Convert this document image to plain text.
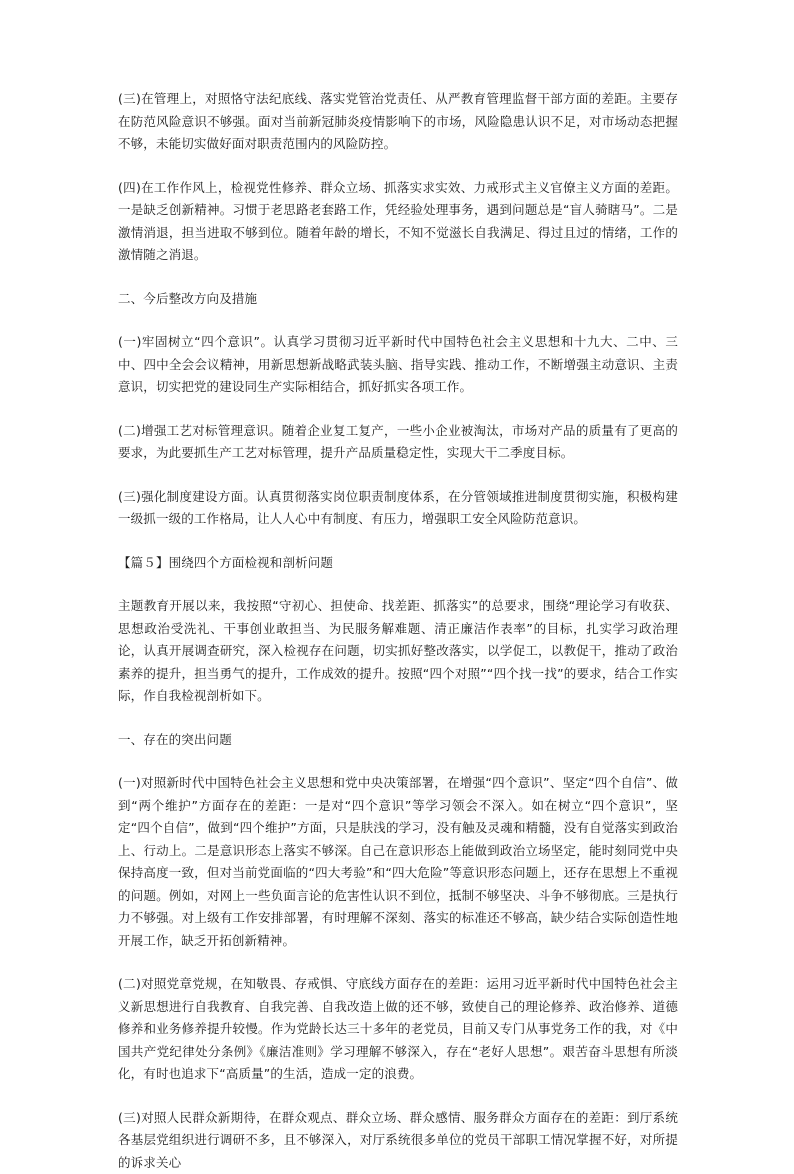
(三)在管理上，对照恪守法纪底线、落实党管治党责任、从严教育管理监督干部方面的差距。主要存在防范风险意识不够强。面对当前新冠肺炎疫情影响下的市场，风险隐患认识不足，对市场动态把握不够，未能切实做好面对职责范围内的风险防控。

(四)在工作作风上，检视党性修养、群众立场、抓落实求实效、力戒形式主义官僚主义方面的差距。一是缺乏创新精神。习惯于老思路老套路工作，凭经验处理事务，遇到问题总是“盲人骑瞎马”。二是激情消退，担当进取不够到位。随着年龄的增长，不知不觉滋长自我满足、得过且过的情绪，工作的激情随之消退。

二、今后整改方向及措施

(一)牢固树立“四个意识”。认真学习贯彻习近平新时代中国特色社会主义思想和十九大、二中、三中、四中全会会议精神，用新思想新战略武装头脑、指导实践、推动工作，不断增强主动意识、主责意识，切实把党的建设同生产实际相结合，抓好抓实各项工作。

(二)增强工艺对标管理意识。随着企业复工复产，一些小企业被淘汰，市场对产品的质量有了更高的要求，为此要抓生产工艺对标管理，提升产品质量稳定性，实现大干二季度目标。

(三)强化制度建设方面。认真贯彻落实岗位职责制度体系，在分管领域推进制度贯彻实施，积极构建一级抓一级的工作格局，让人人心中有制度、有压力，增强职工安全风险防范意识。

【篇５】围绕四个方面检视和剖析问题

主题教育开展以来，我按照“守初心、担使命、找差距、抓落实”的总要求，围绕“理论学习有收获、思想政治受洗礼、干事创业敢担当、为民服务解难题、清正廉洁作表率”的目标，扎实学习政治理论，认真开展调查研究，深入检视存在问题，切实抓好整改落实，以学促工，以教促干，推动了政治素养的提升，担当勇气的提升，工作成效的提升。按照“四个对照”“四个找一找”的要求，结合工作实际，作自我检视剖析如下。

一、存在的突出问题

(一)对照新时代中国特色社会主义思想和党中央决策部署，在增强“四个意识”、坚定“四个自信”、做到“两个维护”方面存在的差距：一是对“四个意识”等学习领会不深入。如在树立“四个意识”，坚定“四个自信”，做到“四个维护”方面，只是肤浅的学习，没有触及灵魂和精髓，没有自觉落实到政治上、行动上。二是意识形态上落实不够深。自己在意识形态上能做到政治立场坚定，能时刻同党中央保持高度一致，但对当前党面临的“四大考验”和“四大危险”等意识形态问题上，还存在思想上不重视的问题。例如，对网上一些负面言论的危害性认识不到位，抵制不够坚决、斗争不够彻底。三是执行力不够强。对上级有工作安排部署，有时理解不深刻、落实的标准还不够高，缺少结合实际创造性地开展工作，缺乏开拓创新精神。

(二)对照党章党规，在知敬畏、存戒惧、守底线方面存在的差距：运用习近平新时代中国特色社会主义新思想进行自我教育、自我完善、自我改造上做的还不够，致使自己的理论修养、政治修养、道德修养和业务修养提升较慢。作为党龄长达三十多年的老党员，目前又专门从事党务工作的我，对《中国共产党纪律处分条例》《廉洁准则》学习理解不够深入，存在“老好人思想”。艰苦奋斗思想有所淡化，有时也追求下“高质量”的生活，造成一定的浪费。

(三)对照人民群众新期待，在群众观点、群众立场、群众感情、服务群众方面存在的差距：到厅系统各基层党组织进行调研不多，且不够深入，对厅系统很多单位的党员干部职工情况掌握不好，对所提的诉求关心
